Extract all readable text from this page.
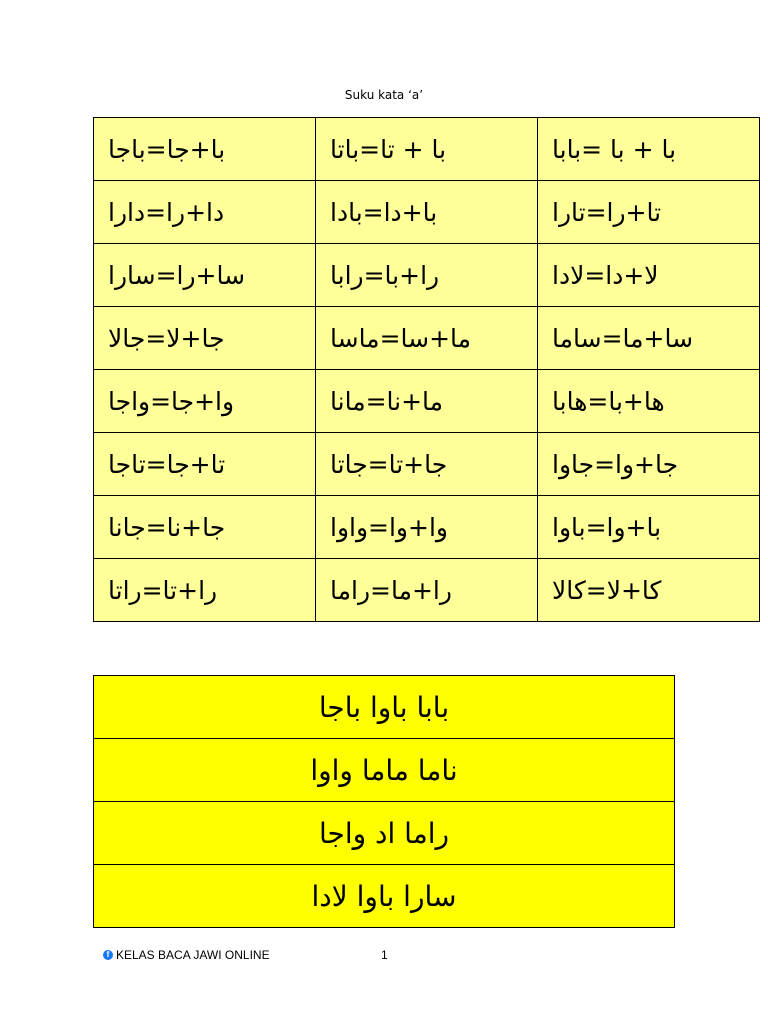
Suku kata ‘a’
با + با =بابا	با + تا=باتا	با+جا=باجا
تا+را=تارا	با+دا=بادا	دا+را=دارا
لا+دا=لادا	را+با=رابا	سا+را=سارا
سا+ما=ساما	ما+سا=ماسا	جا+لا=جالا
ها+با=هابا	ما+نا=مانا	وا+جا=واجا
جا+وا=جاوا	جا+تا=جاتا	تا+جا=تاجا
با+وا=باوا	وا+وا=واوا	جا+نا=جانا
کا+لا=کالا	را+ما=راما	را+تا=راتا
بابا باوا باجا
ناما ماما واوا
راما اد واجا
سارا باوا لادا
f KELAS BACA JAWI ONLINE	1
